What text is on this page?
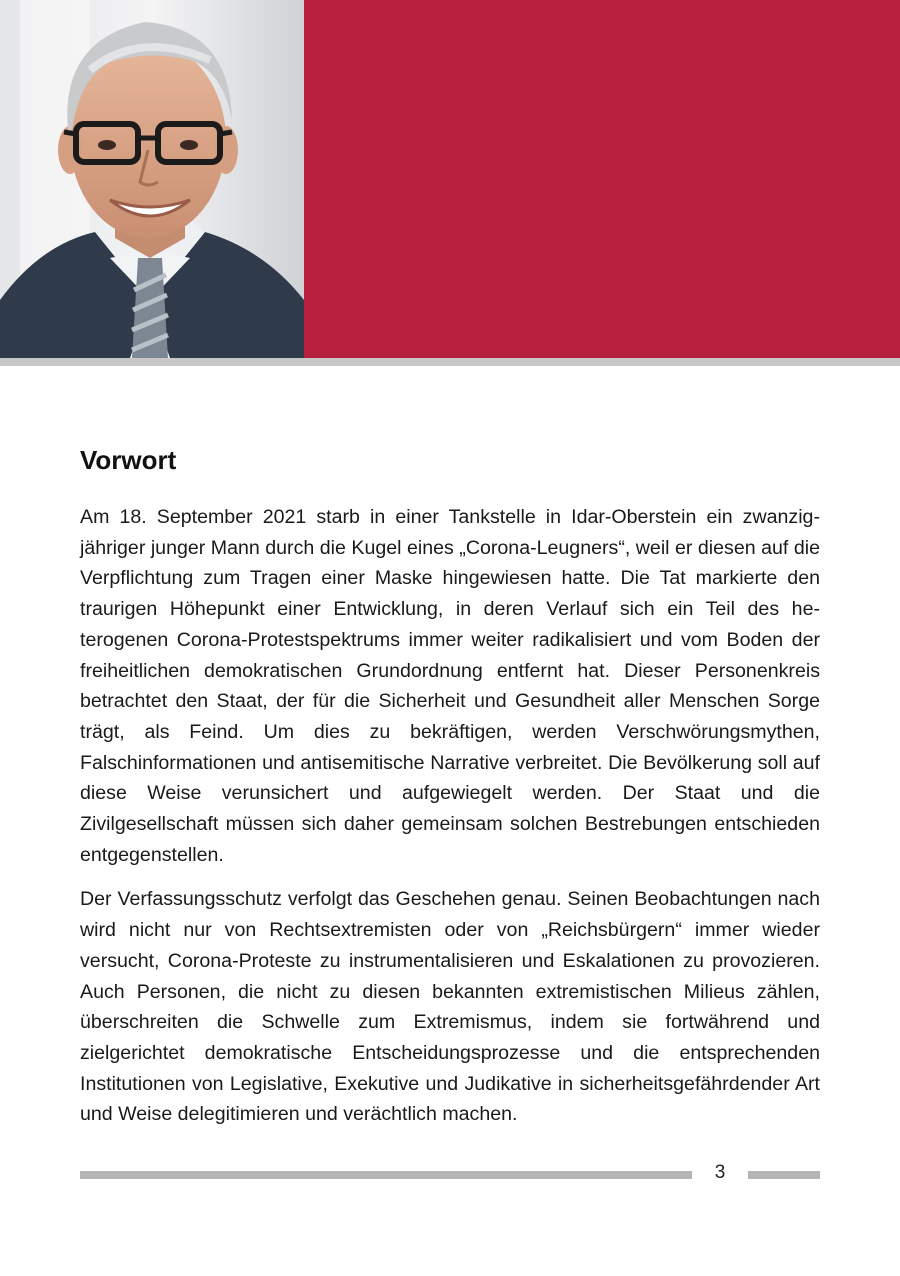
Vorwort

Am 18. September 2021 starb in einer Tankstelle in Idar-Oberstein ein zwanzigjähriger junger Mann durch die Kugel eines „Corona-Leugners“, weil er diesen auf die Verpflichtung zum Tragen einer Maske hingewiesen hatte. Die Tat markierte den traurigen Höhepunkt einer Entwicklung, in deren Verlauf sich ein Teil des heterogenen Corona-Protestspektrums immer weiter radikalisiert und vom Boden der freiheitlichen demokratischen Grundordnung entfernt hat. Dieser Personenkreis betrachtet den Staat, der für die Sicherheit und Gesundheit aller Menschen Sorge trägt, als Feind. Um dies zu bekräftigen, werden Verschwörungsmythen, Falschinformationen und antisemitische Narrative verbreitet. Die Bevölkerung soll auf diese Weise verunsichert und aufgewiegelt werden. Der Staat und die Zivilgesellschaft müssen sich daher gemeinsam solchen Bestrebungen entschieden entgegenstellen.

Der Verfassungsschutz verfolgt das Geschehen genau. Seinen Beobachtungen nach wird nicht nur von Rechtsextremisten oder von „Reichsbürgern“ immer wieder versucht, Corona-Proteste zu instrumentalisieren und Eskalationen zu provozieren. Auch Personen, die nicht zu diesen bekannten extremistischen Milieus zählen, überschreiten die Schwelle zum Extremismus, indem sie fortwährend und zielgerichtet demokratische Entscheidungsprozesse und die entsprechenden Institutionen von Legislative, Exekutive und Judikative in sicherheitsgefährdender Art und Weise delegitimieren und verächtlich machen.

3
